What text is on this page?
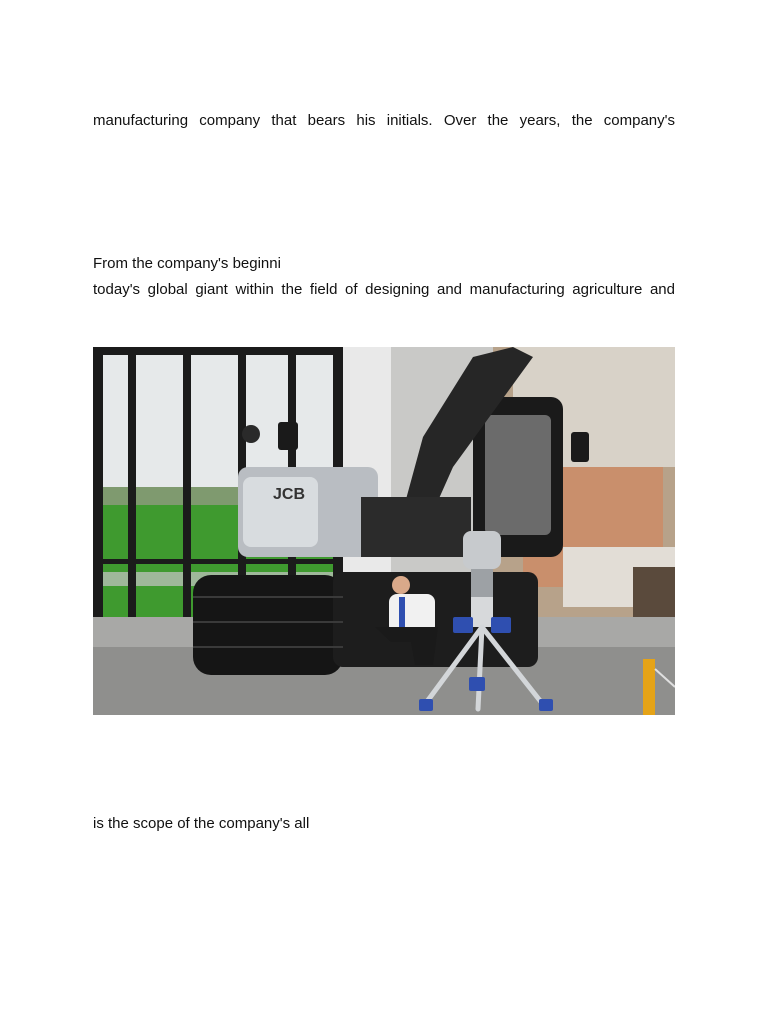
manufacturing company that bears his initials. Over the years, the company's

From the company's beginni

today's global giant within the field of designing and manufacturing agriculture and

JCB

is the scope of the company's all
